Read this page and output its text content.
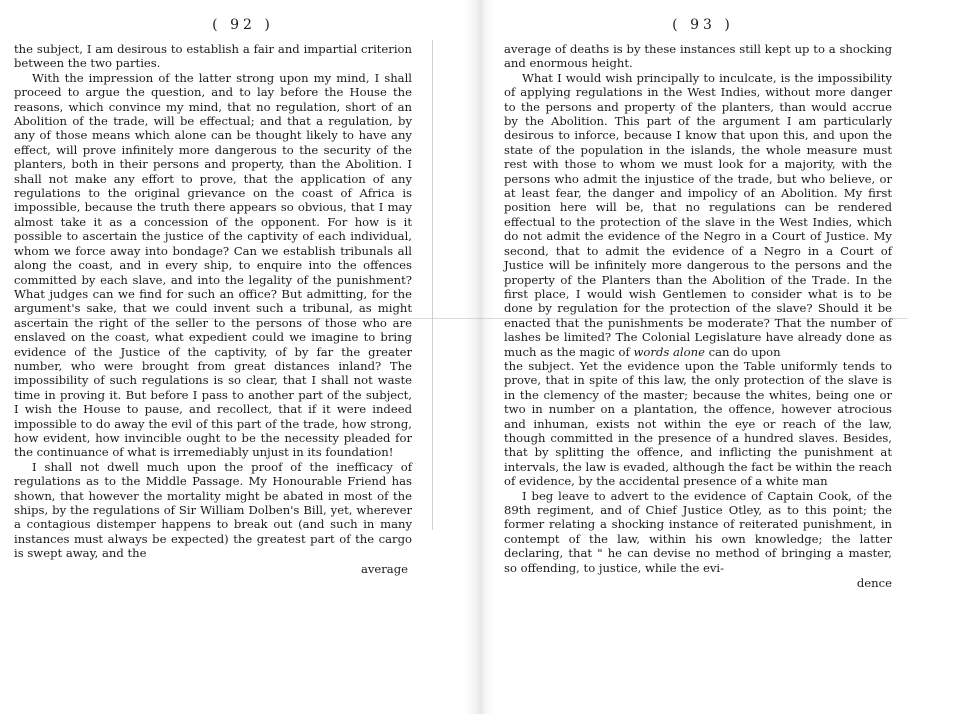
( 92 )

the subject, I am desirous to establish a fair and impartial criterion between the two parties.

With the impression of the latter strong upon my mind, I shall proceed to argue the question, and to lay before the House the reasons, which convince my mind, that no regulation, short of an Abolition of the trade, will be effectual; and that a regulation, by any of those means which alone can be thought likely to have any effect, will prove infinitely more dangerous to the security of the planters, both in their persons and property, than the Abolition. I shall not make any effort to prove, that the application of any regulations to the original grievance on the coast of Africa is impossible, because the truth there appears so obvious, that I may almost take it as a concession of the opponent. For how is it possible to ascertain the justice of the captivity of each individual, whom we force away into bondage? Can we establish tribunals all along the coast, and in every ship, to enquire into the offences committed by each slave, and into the legality of the punishment? What judges can we find for such an office? But admitting, for the argument's sake, that we could invent such a tribunal, as might ascertain the right of the seller to the persons of those who are enslaved on the coast, what expedient could we imagine to bring evidence of the Justice of the captivity, of by far the greater number, who were brought from great distances inland? The impossibility of such regulations is so clear, that I shall not waste time in proving it. But before I pass to another part of the subject, I wish the House to pause, and recollect, that if it were indeed impossible to do away the evil of this part of the trade, how strong, how evident, how invincible ought to be the necessity pleaded for the continuance of what is irremediably unjust in its foundation!

I shall not dwell much upon the proof of the inefficacy of regulations as to the Middle Passage. My Honourable Friend has shown, that however the mortality might be abated in most of the ships, by the regulations of Sir William Dolben's Bill, yet, wherever a contagious distemper happens to break out (and such in many instances must always be expected) the greatest part of the cargo is swept away, and the

average
( 93 )

average of deaths is by these instances still kept up to a shocking and enormous height.

What I would wish principally to inculcate, is the impossibility of applying regulations in the West Indies, without more danger to the persons and property of the planters, than would accrue by the Abolition. This part of the argument I am particularly desirous to inforce, because I know that upon this, and upon the state of the population in the islands, the whole measure must rest with those to whom we must look for a majority, with the persons who admit the injustice of the trade, but who believe, or at least fear, the danger and impolicy of an Abolition. My first position here will be, that no regulations can be rendered effectual to the protection of the slave in the West Indies, which do not admit the evidence of the Negro in a Court of Justice. My second, that to admit the evidence of a Negro in a Court of Justice will be infinitely more dangerous to the persons and the property of the Planters than the Abolition of the Trade. In the first place, I would wish Gentlemen to consider what is to be done by regulation for the protection of the slave? Should it be enacted that the punishments be moderate? That the number of lashes be limited? The Colonial Legislature have already done as much as the magic of words alone can do upon

the subject. Yet the evidence upon the Table uniformly tends to prove, that in spite of this law, the only protection of the slave is in the clemency of the master; because the whites, being one or two in number on a plantation, the offence, however atrocious and inhuman, exists not within the eye or reach of the law, though committed in the presence of a hundred slaves. Besides, that by splitting the offence, and inflicting the punishment at intervals, the law is evaded, although the fact be within the reach of evidence, by the accidental presence of a white man

I beg leave to advert to the evidence of Captain Cook, of the 89th regiment, and of Chief Justice Otley, as to this point; the former relating a shocking instance of reiterated punishment, in contempt of the law, within his own knowledge; the latter declaring, that " he can devise no method of bringing a master, so offending, to justice, while the evi-

dence
